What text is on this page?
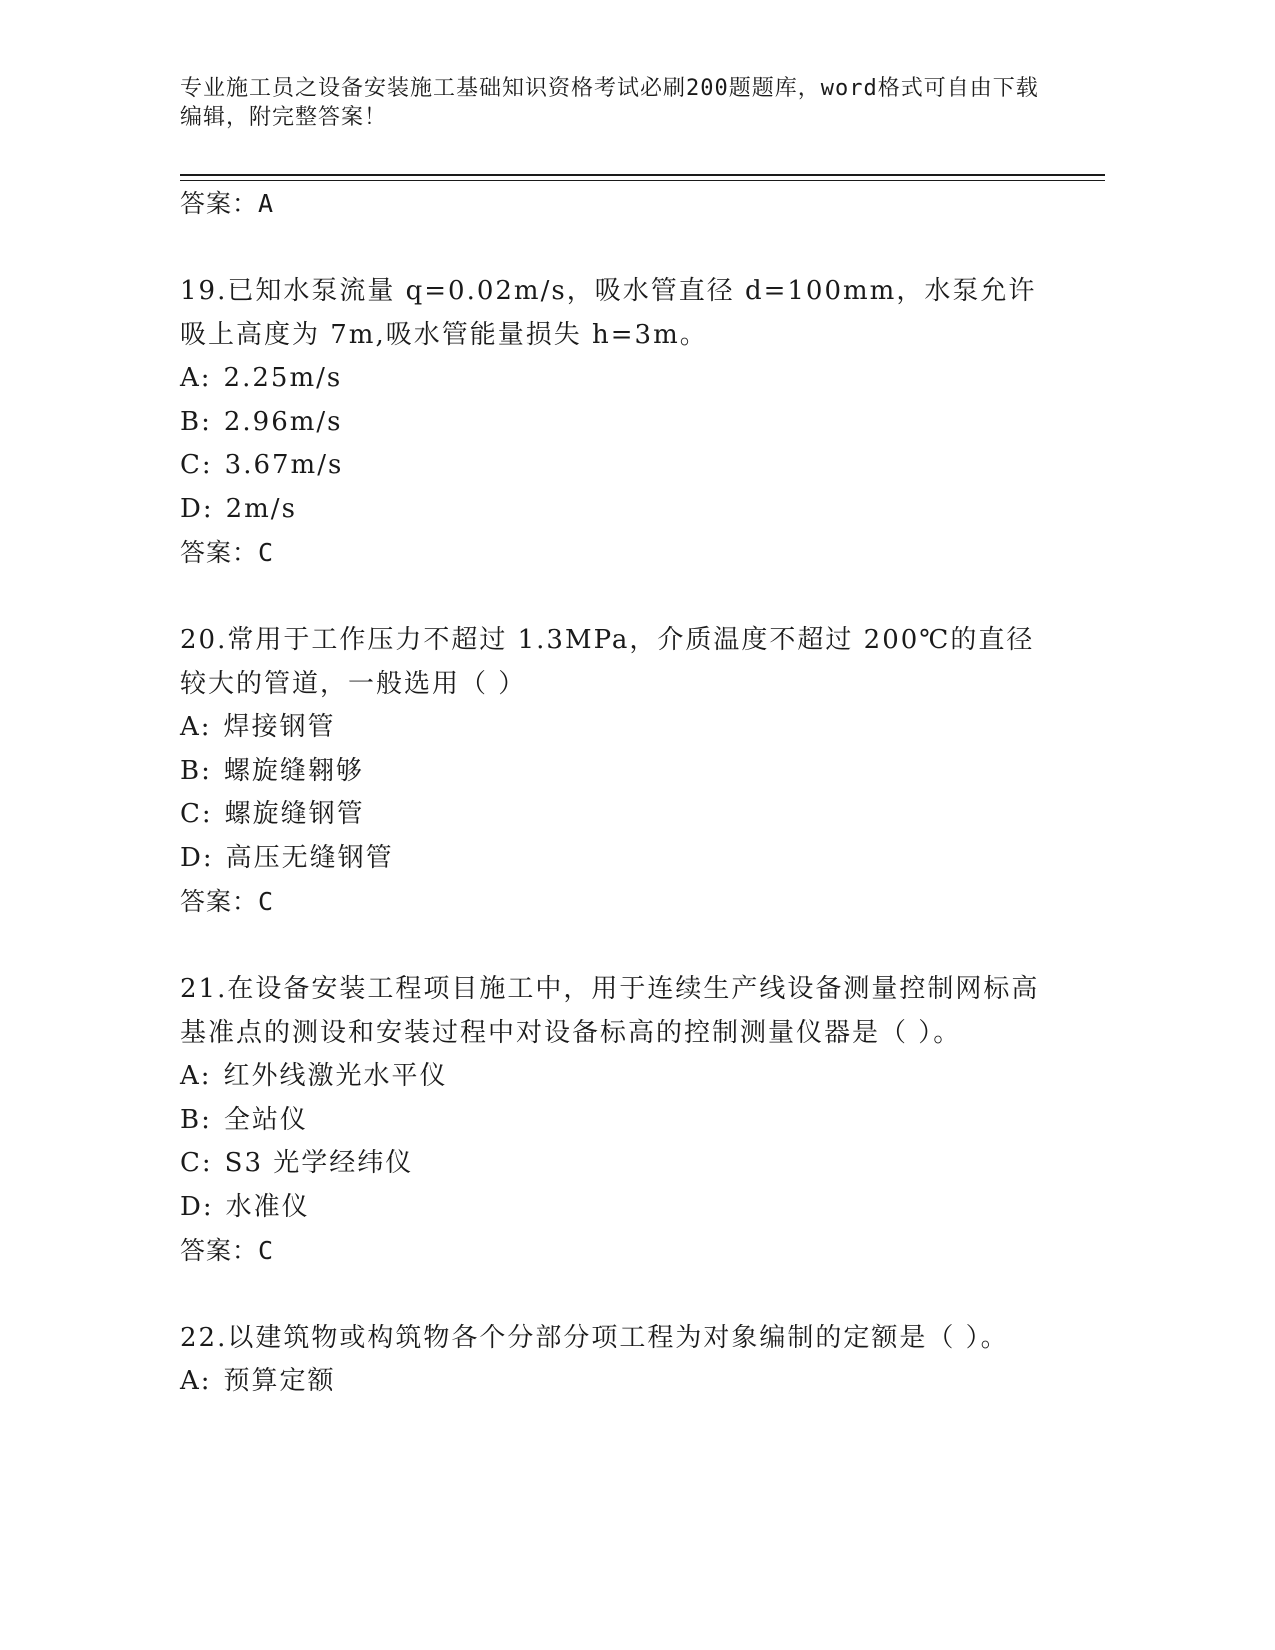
专业施工员之设备安装施工基础知识资格考试必刷200题题库，word格式可自由下载编辑，附完整答案！
答案：A
19.已知水泵流量 q=0.02m/s，吸水管直径 d=100mm，水泵允许吸上高度为 7m,吸水管能量损失 h=3m。
A: 2.25m/s
B: 2.96m/s
C: 3.67m/s
D: 2m/s
答案：C
20.常用于工作压力不超过 1.3MPa，介质温度不超过 200℃的直径较大的管道，一般选用（ ）
A: 焊接钢管
B: 螺旋缝翱够
C: 螺旋缝钢管
D: 高压无缝钢管
答案：C
21.在设备安装工程项目施工中，用于连续生产线设备测量控制网标高基准点的测设和安装过程中对设备标高的控制测量仪器是（ ）。
A: 红外线激光水平仪
B: 全站仪
C: S3 光学经纬仪
D: 水准仪
答案：C
22.以建筑物或构筑物各个分部分项工程为对象编制的定额是（ ）。
A: 预算定额
